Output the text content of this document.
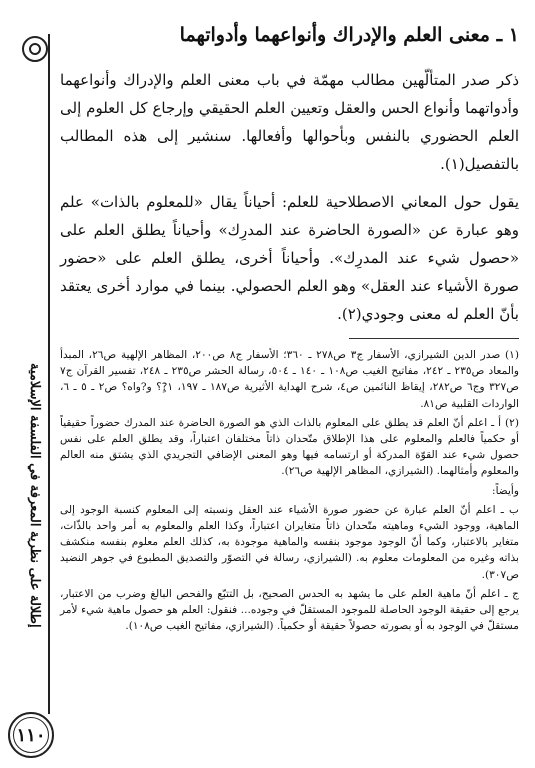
إطلالة على نظرية المعرفة في الفلسفة الإسلامية
١١٠
١ ـ معنى العلم والإدراك وأنواعهما وأدواتهما

ذكر صدر المتألّهين مطالب مهمّة في باب معنى العلم والإدراك وأنواعهما وأدواتهما وأنواع الحس والعقل وتعيين العلم الحقيقي وإرجاع كل العلوم إلى العلم الحضوري بالنفس وبأحوالها وأفعالها. سنشير إلى هذه المطالب بالتفصيل(١).

يقول حول المعاني الاصطلاحية للعلم: أحياناً يقال «للمعلوم بالذات» علم وهو عبارة عن «الصورة الحاضرة عند المدرِك» وأحياناً يطلق العلم على «حصول شيء عند المدرِك». وأحياناً أخرى، يطلق العلم على «حضور صورة الأشياء عند العقل» وهو العلم الحصولي. بينما في موارد أخرى يعتقد بأنّ العلم له معنى وجودي(٢).

(١) صدر الدين الشيرازي، الأسفار ج٣ ص٢٧٨ ـ ٣٦٠؛ الأسفار ج٨ ص٢٠٠، المظاهر الإلهية ص٢٦، المبدأ والمعاد ص٢٣٥ ـ ٢٤٢، مفاتيح الغيب ص١٠٨ ـ ١٤٠ ـ ٥٠٤، رسالة الحشر ص٢٣٥ ـ ٢٤٨، تفسير القرآن ج٧ ص٣٢٧ وج٦ ص٢٨٢، إيقاظ النائمين ص٤، شرح الهداية الأثيرية ص١٨٧ ـ ١٩٧، ١?ٍ؟ و?واه؟ ص٢ ـ ٥ ـ ٦، الواردات القلبية ص٨١.

(٢) أ ـ اعلم أنّ العلم قد يطلق على المعلوم بالذات الذي هو الصورة الحاضرة عند المدرك حضوراً حقيقياً أو حكمياً فالعلم والمعلوم على هذا الإطلاق متّحدان ذاتاً مختلفان اعتباراً، وقد يطلق العلم على نفس حصول شيء عند القوّة المدركة أو ارتسامه فيها وهو المعنى الإضافي التجريدي الذي يشتق منه العالم والمعلوم وأمثالهما. (الشيرازي، المظاهر الإلهية ص٢٦).

وأيضاً:

ب ـ اعلم أنّ العلم عبارة عن حضور صورة الأشياء عند العقل ونسبته إلى المعلوم كنسبة الوجود إلى الماهية، ووجود الشيء وماهيته متّحدان ذاتاً متغايران اعتباراً، وكذا العلم والمعلوم به أمر واحد بالذّات، متغاير بالاعتبار، وكما أنّ الوجود موجود بنفسه والماهية موجودة به، كذلك العلم معلوم بنفسه منكشف بذاته وغيره من المعلومات معلوم به. (الشيرازي، رسالة في التصوّر والتصديق المطبوع في جوهر النضيد ص٣٠٧).

ج ـ اعلم أنّ ماهية العلم على ما يشهد به الحدس الصحيح، بل التتبّع والفحص البالغ وضرب من الاعتبار، يرجع إلى حقيقة الوجود الحاصلة للموجود المستقلّ في وجوده... فنقول: العلم هو حصول ماهية شيء لأمر مستقلّ في الوجود به أو بصورته حصولاً حقيقة أو حكمياً. (الشيرازي، مفاتيح الغيب ص١٠٨).
